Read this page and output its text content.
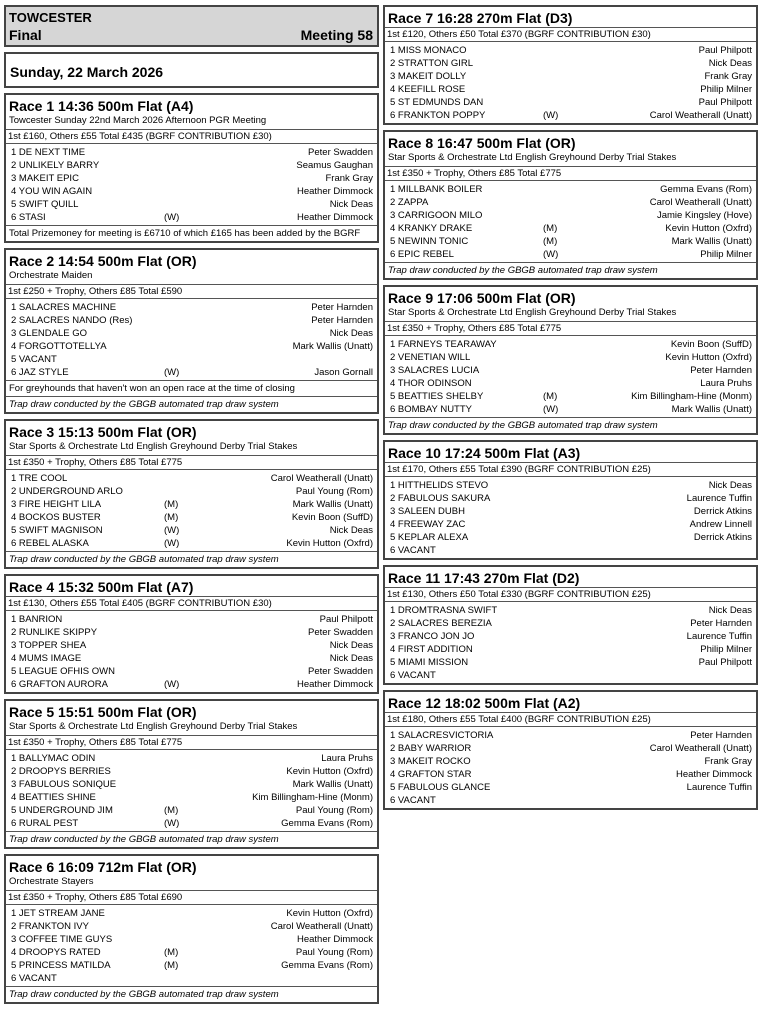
TOWCESTER
Final	Meeting 58
Sunday, 22 March 2026
Race 1 14:36 500m Flat (A4)
Towcester Sunday 22nd March 2026 Afternoon PGR Meeting
1st £160, Others £55 Total £435 (BGRF CONTRIBUTION £30)
1 DE NEXT TIME	Peter Swadden
2 UNLIKELY BARRY	Seamus Gaughan
3 MAKEIT EPIC	Frank Gray
4 YOU WIN AGAIN	Heather Dimmock
5 SWIFT QUILL	Nick Deas
6 STASI	(W)	Heather Dimmock
Total Prizemoney for meeting is £6710 of which £165 has been added by the BGRF
Race 2 14:54 500m Flat (OR)
Orchestrate Maiden
1st £250 + Trophy, Others £85 Total £590
1 SALACRES MACHINE	Peter Harnden
2 SALACRES NANDO (Res)	Peter Harnden
3 GLENDALE GO	Nick Deas
4 FORGOTTOTELLYA	Mark Wallis (Unatt)
5 VACANT
6 JAZ STYLE	(W)	Jason Gornall
For greyhounds that haven't won an open race at the time of closing
Trap draw conducted by the GBGB automated trap draw system
Race 3 15:13 500m Flat (OR)
Star Sports & Orchestrate Ltd English Greyhound Derby Trial Stakes
1st £350 + Trophy, Others £85 Total £775
1 TRE COOL	Carol Weatherall (Unatt)
2 UNDERGROUND ARLO	Paul Young (Rom)
3 FIRE HEIGHT LILA	(M)	Mark Wallis (Unatt)
4 BOCKOS BUSTER	(M)	Kevin Boon (SuffD)
5 SWIFT MAGNISON	(W)	Nick Deas
6 REBEL ALASKA	(W)	Kevin Hutton (Oxfrd)
Trap draw conducted by the GBGB automated trap draw system
Race 4 15:32 500m Flat (A7)
1st £130, Others £55 Total £405 (BGRF CONTRIBUTION £30)
1 BANRION	Paul Philpott
2 RUNLIKE SKIPPY	Peter Swadden
3 TOPPER SHEA	Nick Deas
4 MUMS IMAGE	Nick Deas
5 LEAGUE OFHIS OWN	Peter Swadden
6 GRAFTON AURORA	(W)	Heather Dimmock
Race 5 15:51 500m Flat (OR)
Star Sports & Orchestrate Ltd English Greyhound Derby Trial Stakes
1st £350 + Trophy, Others £85 Total £775
1 BALLYMAC ODIN	Laura Pruhs
2 DROOPYS BERRIES	Kevin Hutton (Oxfrd)
3 FABULOUS SONIQUE	Mark Wallis (Unatt)
4 BEATTIES SHINE	Kim Billingham-Hine (Monm)
5 UNDERGROUND JIM	(M)	Paul Young (Rom)
6 RURAL PEST	(W)	Gemma Evans (Rom)
Trap draw conducted by the GBGB automated trap draw system
Race 6 16:09 712m Flat (OR)
Orchestrate Stayers
1st £350 + Trophy, Others £85 Total £690
1 JET STREAM JANE	Kevin Hutton (Oxfrd)
2 FRANKTON IVY	Carol Weatherall (Unatt)
3 COFFEE TIME GUYS	Heather Dimmock
4 DROOPYS RATED	(M)	Paul Young (Rom)
5 PRINCESS MATILDA	(M)	Gemma Evans (Rom)
6 VACANT
Trap draw conducted by the GBGB automated trap draw system
Race 7 16:28 270m Flat (D3)
1st £120, Others £50 Total £370 (BGRF CONTRIBUTION £30)
1 MISS MONACO	Paul Philpott
2 STRATTON GIRL	Nick Deas
3 MAKEIT DOLLY	Frank Gray
4 KEEFILL ROSE	Philip Milner
5 ST EDMUNDS DAN	Paul Philpott
6 FRANKTON POPPY	(W)	Carol Weatherall (Unatt)
Race 8 16:47 500m Flat (OR)
Star Sports & Orchestrate Ltd English Greyhound Derby Trial Stakes
1st £350 + Trophy, Others £85 Total £775
1 MILLBANK BOILER	Gemma Evans (Rom)
2 ZAPPA	Carol Weatherall (Unatt)
3 CARRIGOON MILO	Jamie Kingsley (Hove)
4 KRANKY DRAKE	(M)	Kevin Hutton (Oxfrd)
5 NEWINN TONIC	(M)	Mark Wallis (Unatt)
6 EPIC REBEL	(W)	Philip Milner
Trap draw conducted by the GBGB automated trap draw system
Race 9 17:06 500m Flat (OR)
Star Sports & Orchestrate Ltd English Greyhound Derby Trial Stakes
1st £350 + Trophy, Others £85 Total £775
1 FARNEYS TEARAWAY	Kevin Boon (SuffD)
2 VENETIAN WILL	Kevin Hutton (Oxfrd)
3 SALACRES LUCIA	Peter Harnden
4 THOR ODINSON	Laura Pruhs
5 BEATTIES SHELBY	(M)	Kim Billingham-Hine (Monm)
6 BOMBAY NUTTY	(W)	Mark Wallis (Unatt)
Trap draw conducted by the GBGB automated trap draw system
Race 10 17:24 500m Flat (A3)
1st £170, Others £55 Total £390 (BGRF CONTRIBUTION £25)
1 HITTHELIDS STEVO	Nick Deas
2 FABULOUS SAKURA	Laurence Tuffin
3 SALEEN DUBH	Derrick Atkins
4 FREEWAY ZAC	Andrew Linnell
5 KEPLAR ALEXA	Derrick Atkins
6 VACANT
Race 11 17:43 270m Flat (D2)
1st £130, Others £50 Total £330 (BGRF CONTRIBUTION £25)
1 DROMTRASNA SWIFT	Nick Deas
2 SALACRES BEREZIA	Peter Harnden
3 FRANCO JON JO	Laurence Tuffin
4 FIRST ADDITION	Philip Milner
5 MIAMI MISSION	Paul Philpott
6 VACANT
Race 12 18:02 500m Flat (A2)
1st £180, Others £55 Total £400 (BGRF CONTRIBUTION £25)
1 SALACRESVICTORIA	Peter Harnden
2 BABY WARRIOR	Carol Weatherall (Unatt)
3 MAKEIT ROCKO	Frank Gray
4 GRAFTON STAR	Heather Dimmock
5 FABULOUS GLANCE	Laurence Tuffin
6 VACANT
